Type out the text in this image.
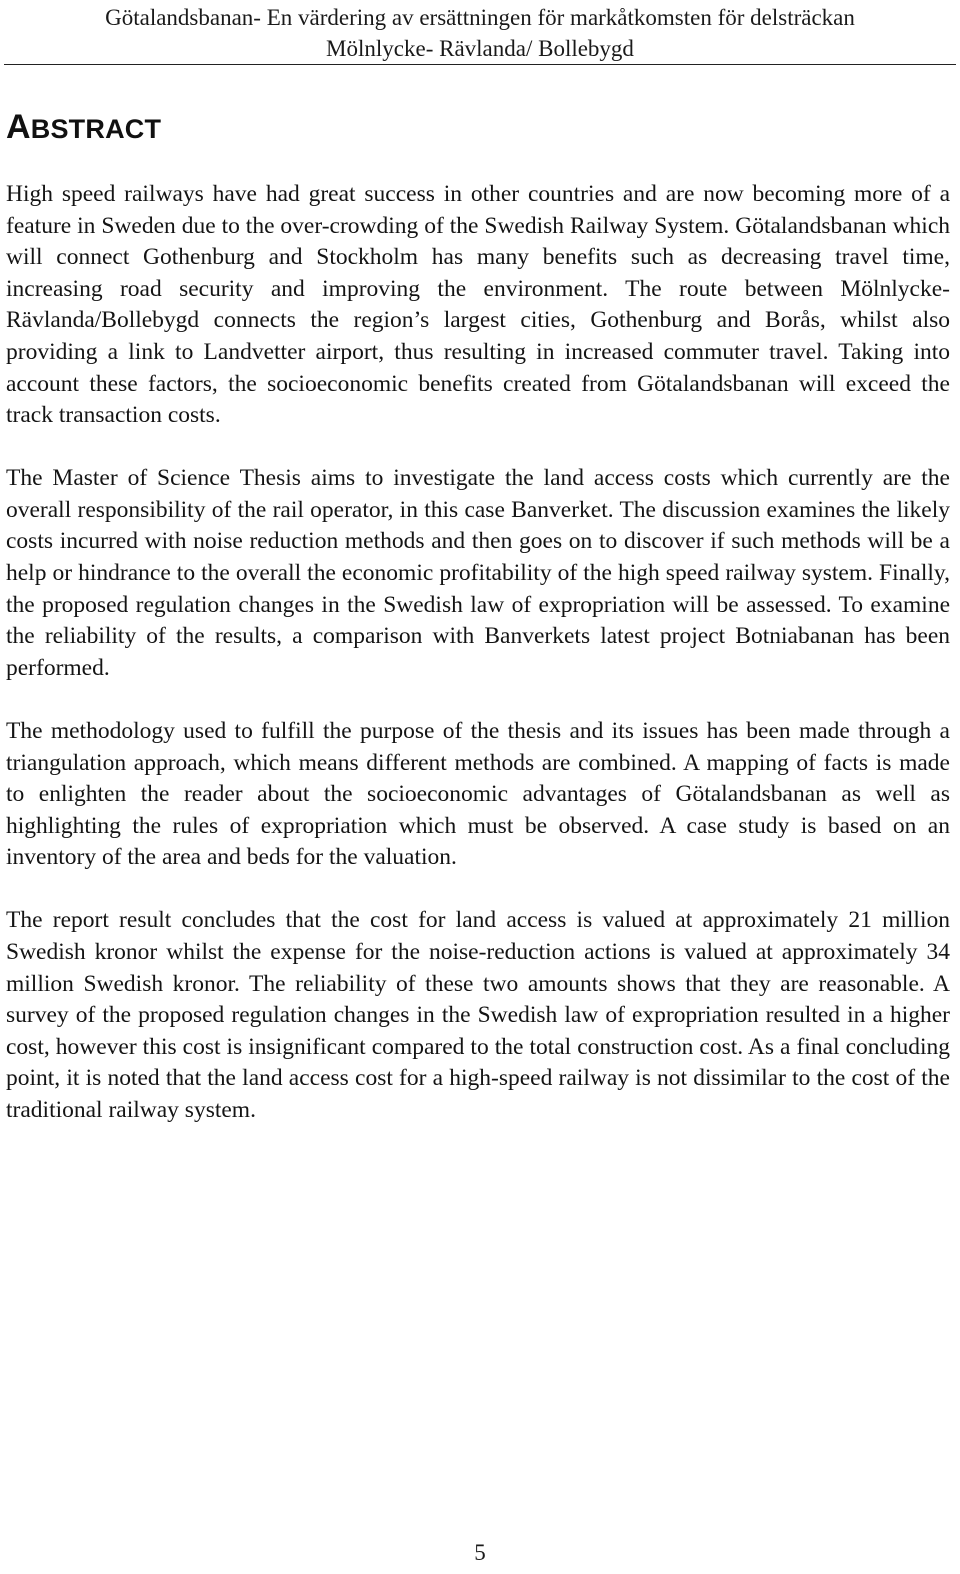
Götalandsbanan- En värdering av ersättningen för markåtkomsten för delsträckan
Mölnlycke- Rävlanda/ Bollebygd
ABSTRACT

High speed railways have had great success in other countries and are now becoming more of a feature in Sweden due to the over-crowding of the Swedish Railway System. Götalandsbanan which will connect Gothenburg and Stockholm has many benefits such as decreasing travel time, increasing road security and improving the environment. The route between Mölnlycke-Rävlanda/Bollebygd connects the region’s largest cities, Gothenburg and Borås, whilst also providing a link to Landvetter airport, thus resulting in increased commuter travel. Taking into account these factors, the socioeconomic benefits created from Götalandsbanan will exceed the track transaction costs.

The Master of Science Thesis aims to investigate the land access costs which currently are the overall responsibility of the rail operator, in this case Banverket. The discussion examines the likely costs incurred with noise reduction methods and then goes on to discover if such methods will be a help or hindrance to the overall the economic profitability of the high speed railway system. Finally, the proposed regulation changes in the Swedish law of expropriation will be assessed. To examine the reliability of the results, a comparison with Banverkets latest project Botniabanan has been performed.

The methodology used to fulfill the purpose of the thesis and its issues has been made through a triangulation approach, which means different methods are combined. A mapping of facts is made to enlighten the reader about the socioeconomic advantages of Götalandsbanan as well as highlighting the rules of expropriation which must be observed. A case study is based on an inventory of the area and beds for the valuation.

The report result concludes that the cost for land access is valued at approximately 21 million Swedish kronor whilst the expense for the noise-reduction actions is valued at approximately 34 million Swedish kronor. The reliability of these two amounts shows that they are reasonable. A survey of the proposed regulation changes in the Swedish law of expropriation resulted in a higher cost, however this cost is insignificant compared to the total construction cost. As a final concluding point, it is noted that the land access cost for a high-speed railway is not dissimilar to the cost of the traditional railway system.

5
